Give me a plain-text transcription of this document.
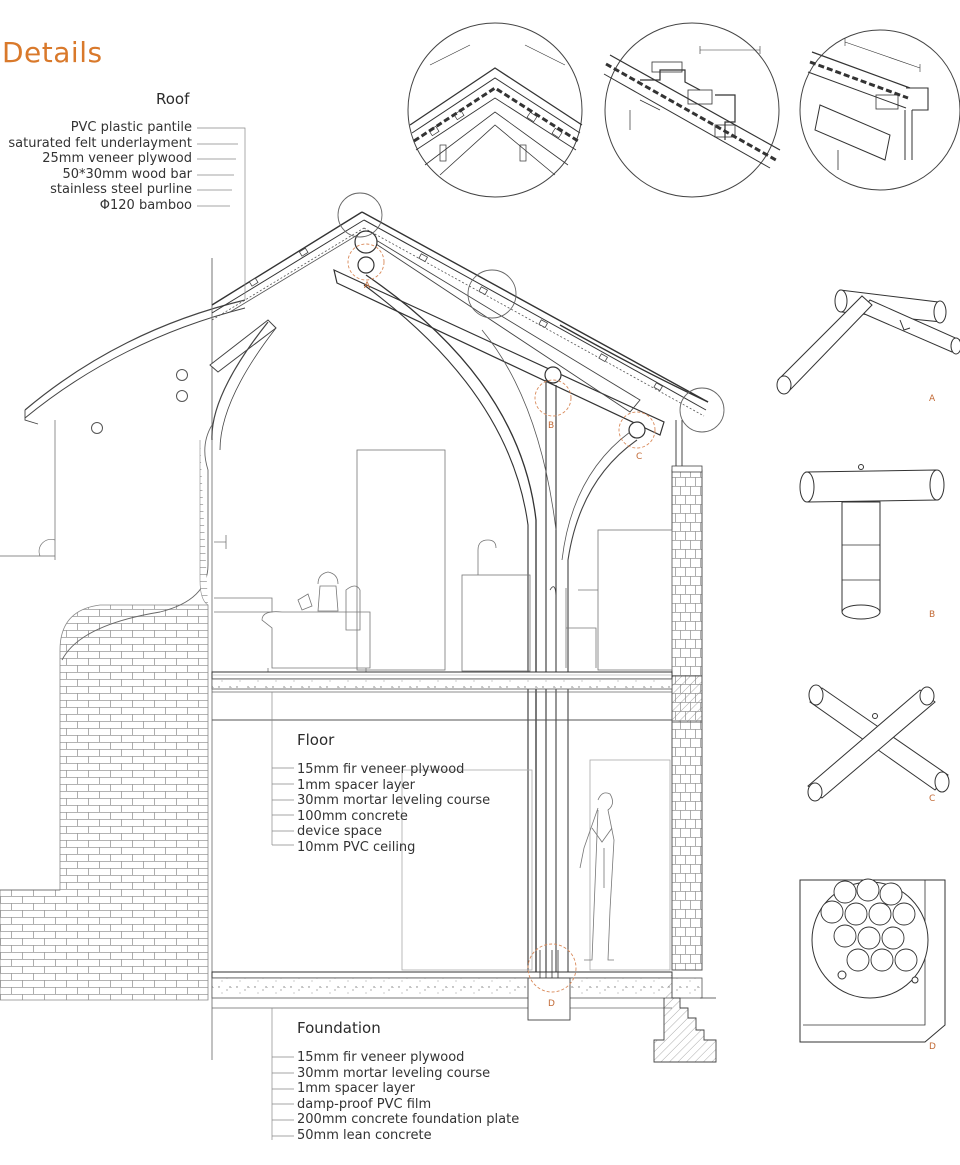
Details
Roof
PVC plastic pantile
saturated felt underlayment
25mm veneer plywood
50*30mm wood bar
stainless steel purline
Φ120 bamboo
Floor
15mm fir veneer plywood
1mm spacer layer
30mm mortar leveling course
100mm concrete
device space
10mm PVC ceiling
Foundation
15mm fir veneer plywood
30mm mortar leveling course
1mm spacer layer
damp-proof PVC film
200mm concrete foundation plate
50mm lean concrete
A
B
C
D
A
B
C
D
